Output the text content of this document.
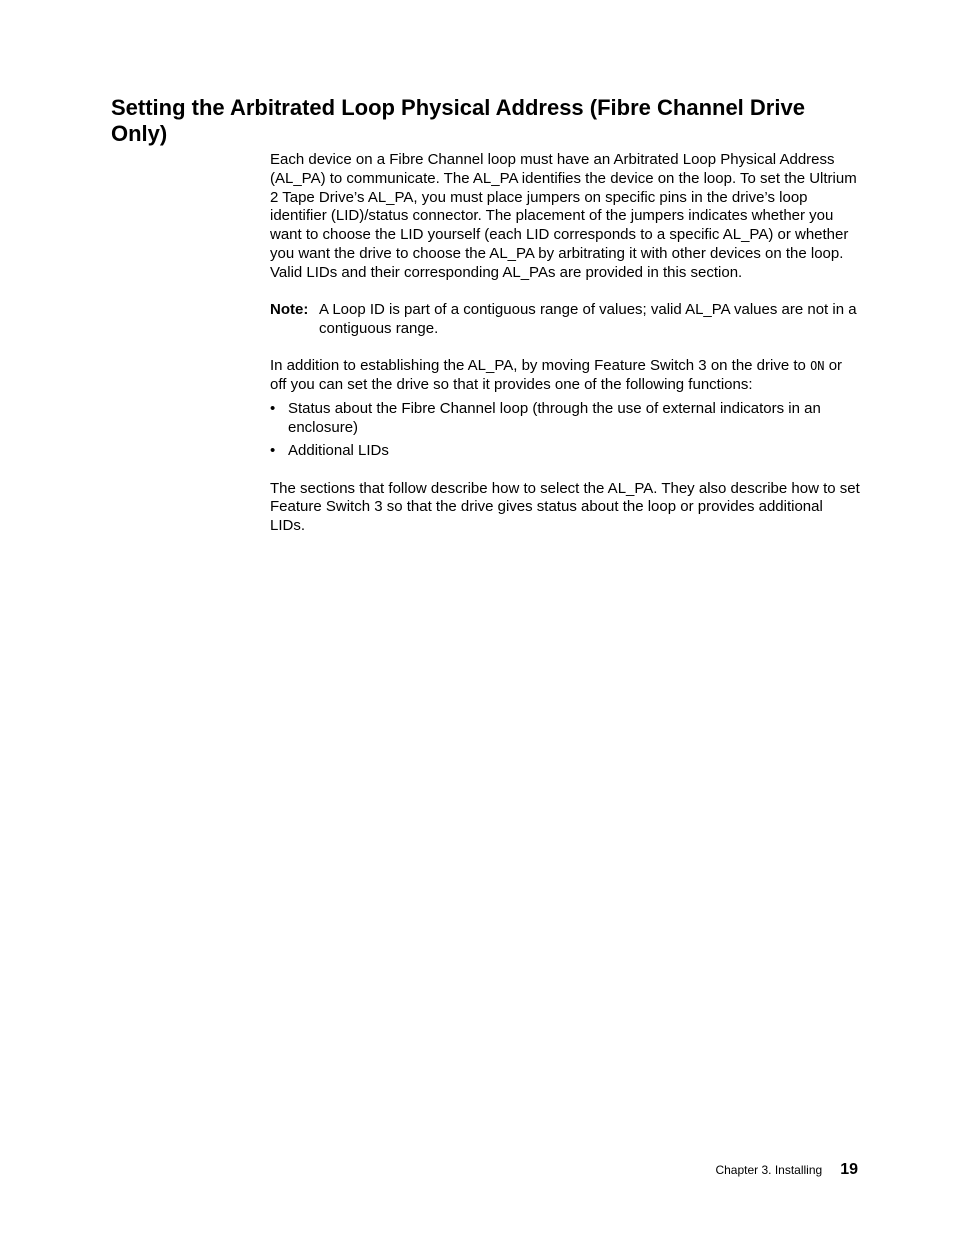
Setting the Arbitrated Loop Physical Address (Fibre Channel Drive Only)

Each device on a Fibre Channel loop must have an Arbitrated Loop Physical Address (AL_PA) to communicate. The AL_PA identifies the device on the loop. To set the Ultrium 2 Tape Drive’s AL_PA, you must place jumpers on specific pins in the drive’s loop identifier (LID)/status connector. The placement of the jumpers indicates whether you want to choose the LID yourself (each LID corresponds to a specific AL_PA) or whether you want the drive to choose the AL_PA by arbitrating it with other devices on the loop. Valid LIDs and their corresponding AL_PAs are provided in this section.

Note: A Loop ID is part of a contiguous range of values; valid AL_PA values are not in a contiguous range.

In addition to establishing the AL_PA, by moving Feature Switch 3 on the drive to ON or off you can set the drive so that it provides one of the following functions:

• Status about the Fibre Channel loop (through the use of external indicators in an enclosure)
• Additional LIDs

The sections that follow describe how to select the AL_PA. They also describe how to set Feature Switch 3 so that the drive gives status about the loop or provides additional LIDs.

Chapter 3. Installing 19
